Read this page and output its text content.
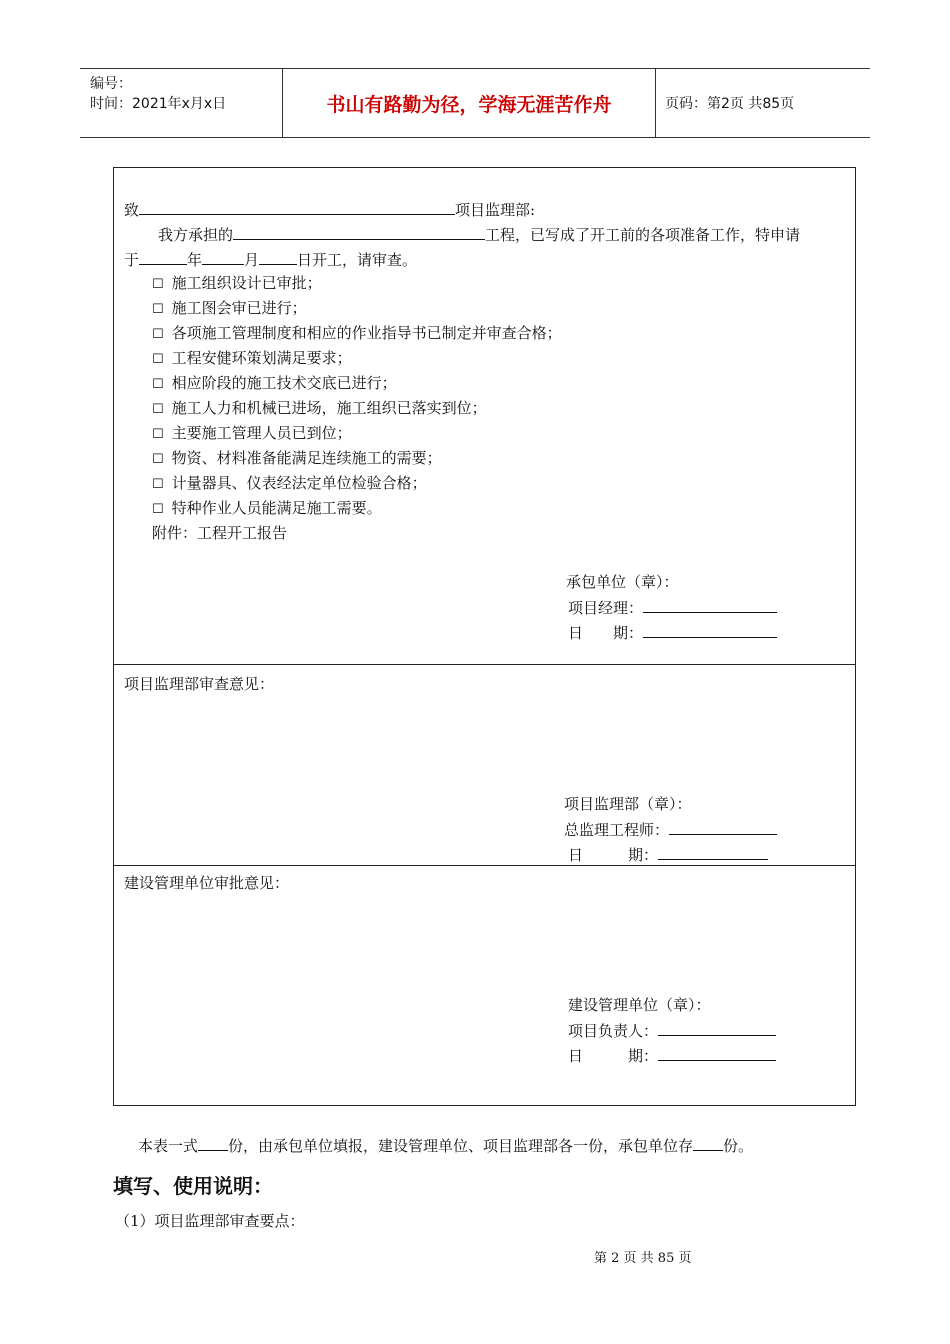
编号：
时间：2021年x月x日	书山有路勤为径，学海无涯苦作舟	页码：第2页 共85页
致	项目监理部:
我方承担的	工程，已写成了开工前的各项准备工作，特申请
于	年	月	日开工，请审查。
☐ 施工组织设计已审批；
☐ 施工图会审已进行；
☐ 各项施工管理制度和相应的作业指导书已制定并审查合格；
☐ 工程安健环策划满足要求；
☐ 相应阶段的施工技术交底已进行；
☐ 施工人力和机械已进场，施工组织已落实到位；
☐ 主要施工管理人员已到位；
☐ 物资、材料准备能满足连续施工的需要；
☐ 计量器具、仪表经法定单位检验合格；
☐ 特种作业人员能满足施工需要。
附件：工程开工报告
承包单位（章）：
项目经理：
日　　期：
项目监理部审查意见：
项目监理部（章）：
总监理工程师：
日　　　期：
建设管理单位审批意见：
建设管理单位（章）：
项目负责人：
日　　　期：
本表一式 份，由承包单位填报，建设管理单位、项目监理部各一份，承包单位存 份。
填写、使用说明：
（1）项目监理部审查要点：
第 2 页 共 85 页
